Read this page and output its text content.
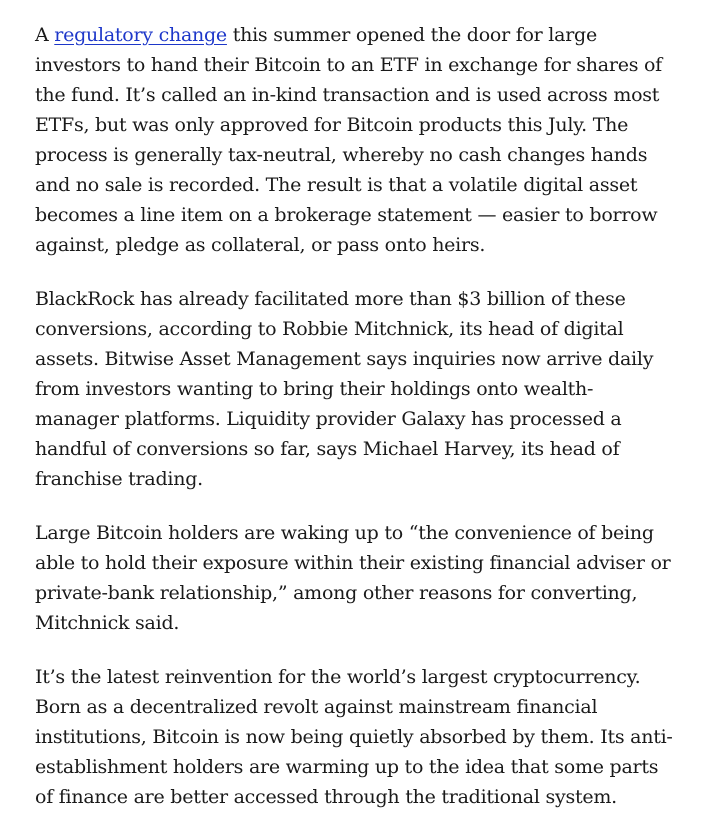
A regulatory change this summer opened the door for large investors to hand their Bitcoin to an ETF in exchange for shares of the fund. It’s called an in-kind transaction and is used across most ETFs, but was only approved for Bitcoin products this July. The process is generally tax-neutral, whereby no cash changes hands and no sale is recorded. The result is that a volatile digital asset becomes a line item on a brokerage statement — easier to borrow against, pledge as collateral, or pass onto heirs.

BlackRock has already facilitated more than $3 billion of these conversions, according to Robbie Mitchnick, its head of digital assets. Bitwise Asset Management says inquiries now arrive daily from investors wanting to bring their holdings onto wealth-manager platforms. Liquidity provider Galaxy has processed a handful of conversions so far, says Michael Harvey, its head of franchise trading.

Large Bitcoin holders are waking up to “the convenience of being able to hold their exposure within their existing financial adviser or private-bank relationship,” among other reasons for converting, Mitchnick said.

It’s the latest reinvention for the world’s largest cryptocurrency. Born as a decentralized revolt against mainstream financial institutions, Bitcoin is now being quietly absorbed by them. Its anti-establishment holders are warming up to the idea that some parts of finance are better accessed through the traditional system.
